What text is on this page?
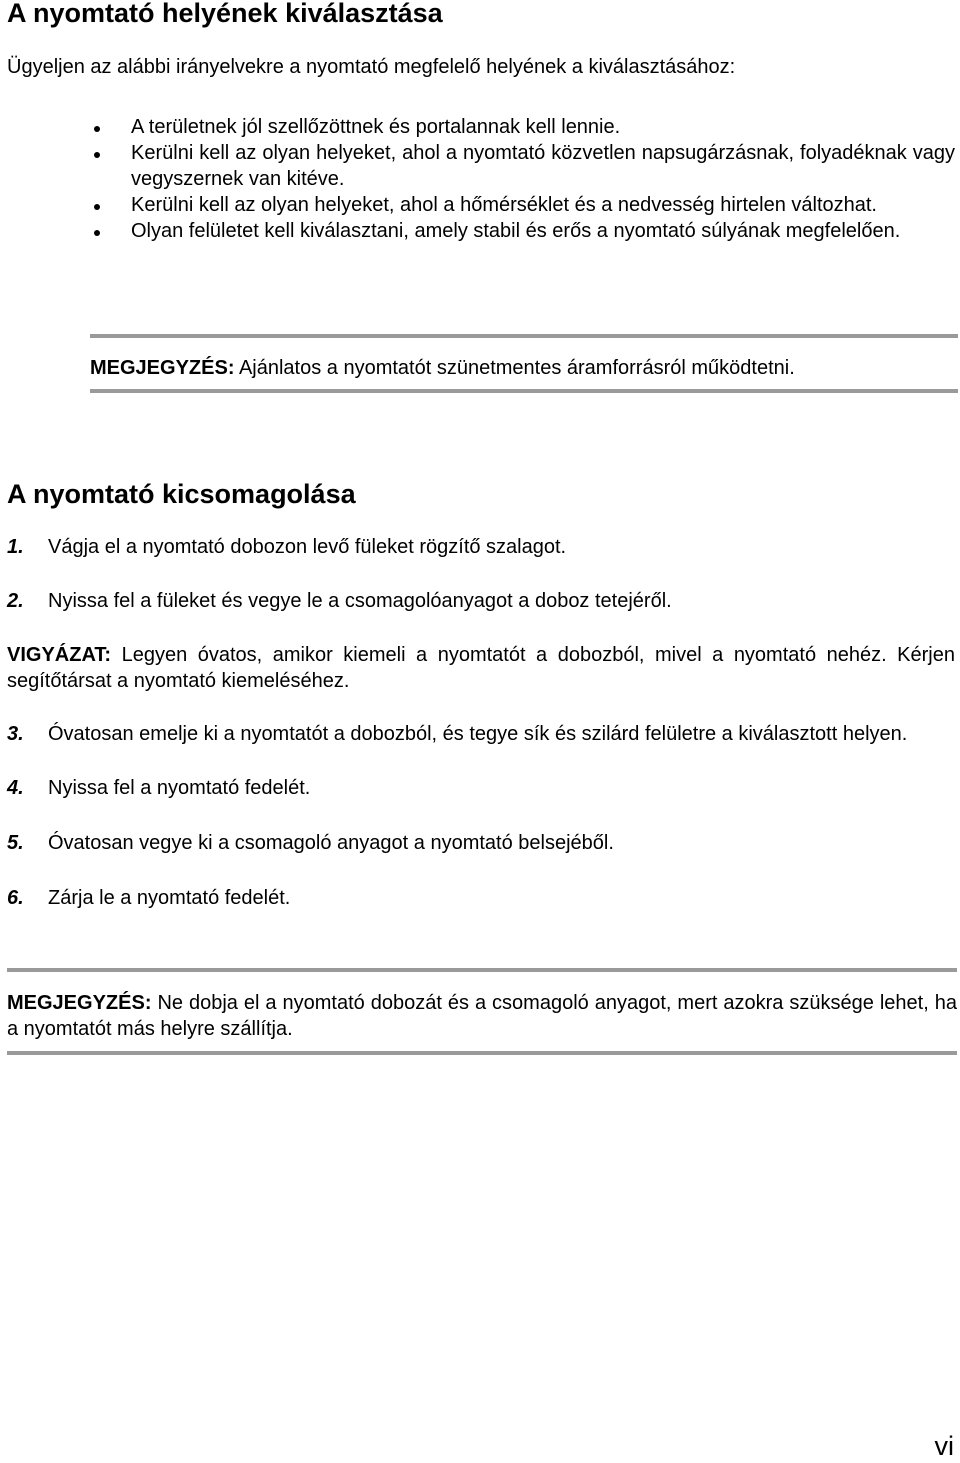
A nyomtató helyének kiválasztása

Ügyeljen az alábbi irányelvekre a nyomtató megfelelő helyének a kiválasztásához:

A területnek jól szellőzöttnek és portalannak kell lennie.
Kerülni kell az olyan helyeket, ahol a nyomtató közvetlen napsugárzásnak, folyadéknak vagy vegyszernek van kitéve.
Kerülni kell az olyan helyeket, ahol a hőmérséklet és a nedvesség hirtelen változhat.
Olyan felületet kell kiválasztani, amely stabil és erős a nyomtató súlyának megfelelően.

MEGJEGYZÉS: Ajánlatos a nyomtatót szünetmentes áramforrásról működtetni.

A nyomtató kicsomagolása

1.	Vágja el a nyomtató dobozon levő füleket rögzítő szalagot.

2.	Nyissa fel a füleket és vegye le a csomagolóanyagot a doboz tetejéről.

VIGYÁZAT: Legyen óvatos, amikor kiemeli a nyomtatót a dobozból, mivel a nyomtató nehéz. Kérjen segítőtársat a nyomtató kiemeléséhez.

3.	Óvatosan emelje ki a nyomtatót a dobozból, és tegye sík és szilárd felületre a kiválasztott helyen.

4.	Nyissa fel a nyomtató fedelét.

5.	Óvatosan vegye ki a csomagoló anyagot a nyomtató belsejéből.

6.	Zárja le a nyomtató fedelét.

MEGJEGYZÉS: Ne dobja el a nyomtató dobozát és a csomagoló anyagot, mert azokra szüksége lehet, ha a nyomtatót más helyre szállítja.

vi
